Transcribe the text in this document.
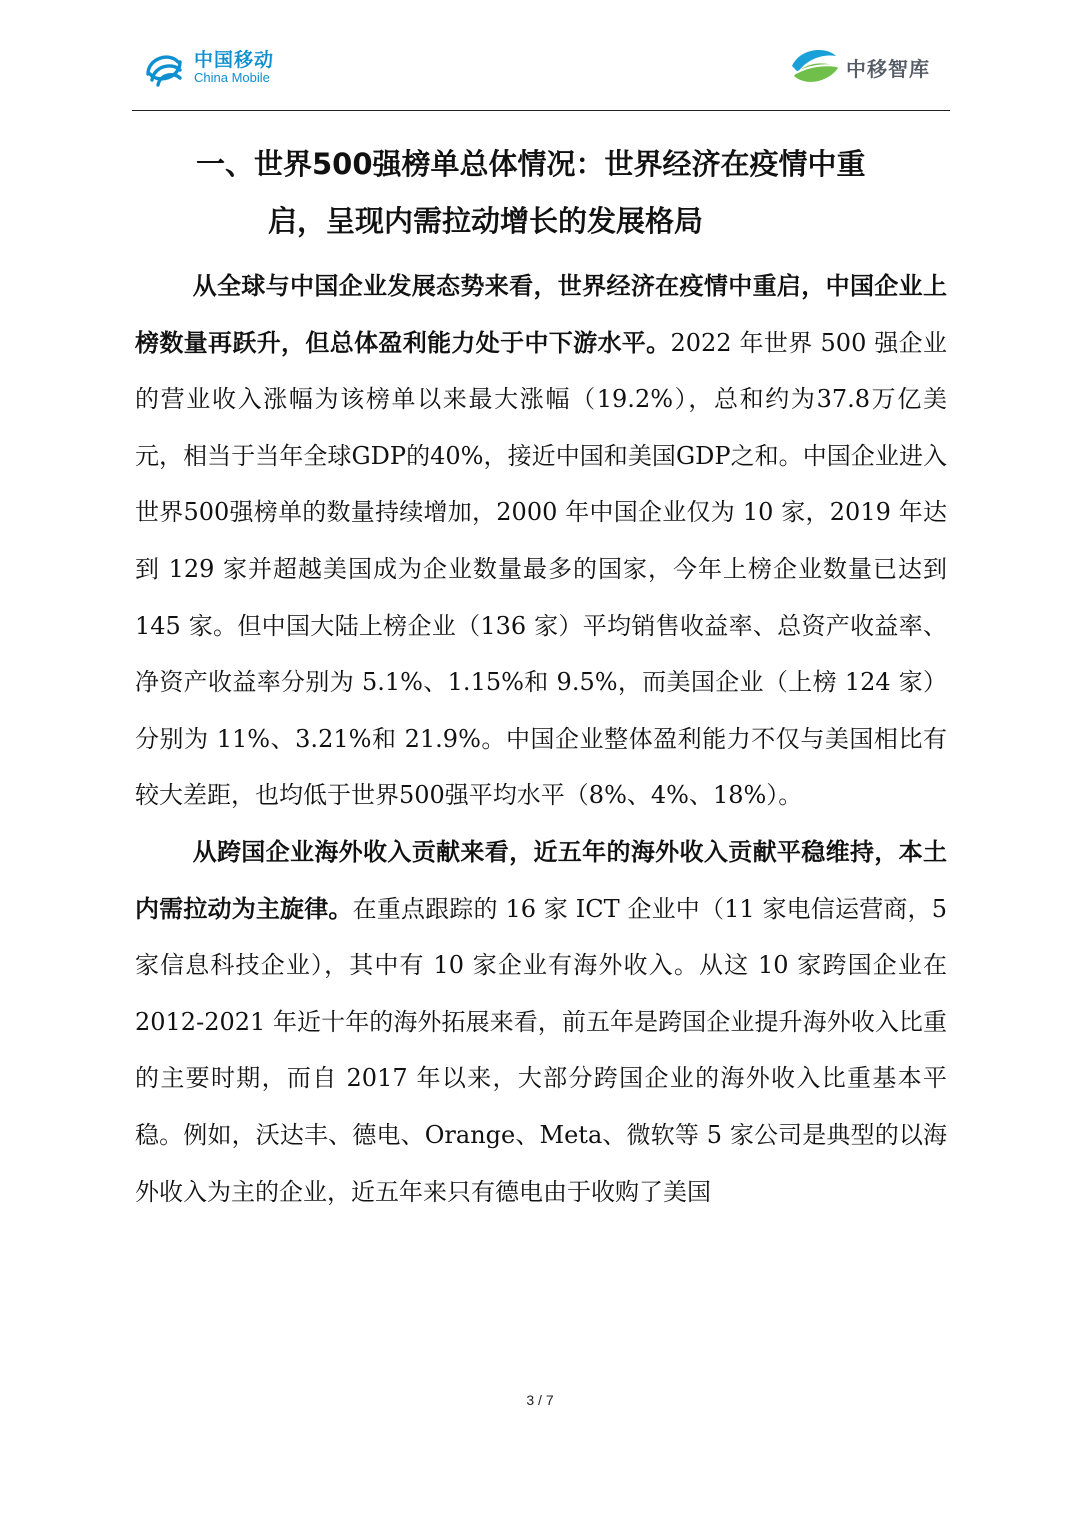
中国移动
China Mobile	中移智库
一、世界500强榜单总体情况：世界经济在疫情中重
启，呈现内需拉动增长的发展格局

从全球与中国企业发展态势来看，世界经济在疫情中重启，中国企业上榜数量再跃升，但总体盈利能力处于中下游水平。2022 年世界 500 强企业的营业收入涨幅为该榜单以来最大涨幅（19.2%），总和约为37.8万亿美元，相当于当年全球GDP的40%，接近中国和美国GDP之和。中国企业进入世界500强榜单的数量持续增加，2000 年中国企业仅为 10 家，2019 年达到 129 家并超越美国成为企业数量最多的国家，今年上榜企业数量已达到 145 家。但中国大陆上榜企业（136 家）平均销售收益率、总资产收益率、净资产收益率分别为 5.1%、1.15%和 9.5%，而美国企业（上榜 124 家）分别为 11%、3.21%和 21.9%。中国企业整体盈利能力不仅与美国相比有较大差距，也均低于世界500强平均水平（8%、4%、18%）。

从跨国企业海外收入贡献来看，近五年的海外收入贡献平稳维持，本土内需拉动为主旋律。在重点跟踪的 16 家 ICT 企业中（11 家电信运营商，5 家信息科技企业），其中有 10 家企业有海外收入。从这 10 家跨国企业在 2012-2021 年近十年的海外拓展来看，前五年是跨国企业提升海外收入比重的主要时期，而自 2017 年以来，大部分跨国企业的海外收入比重基本平稳。例如，沃达丰、德电、Orange、Meta、微软等 5 家公司是典型的以海外收入为主的企业，近五年来只有德电由于收购了美国

3 / 7
